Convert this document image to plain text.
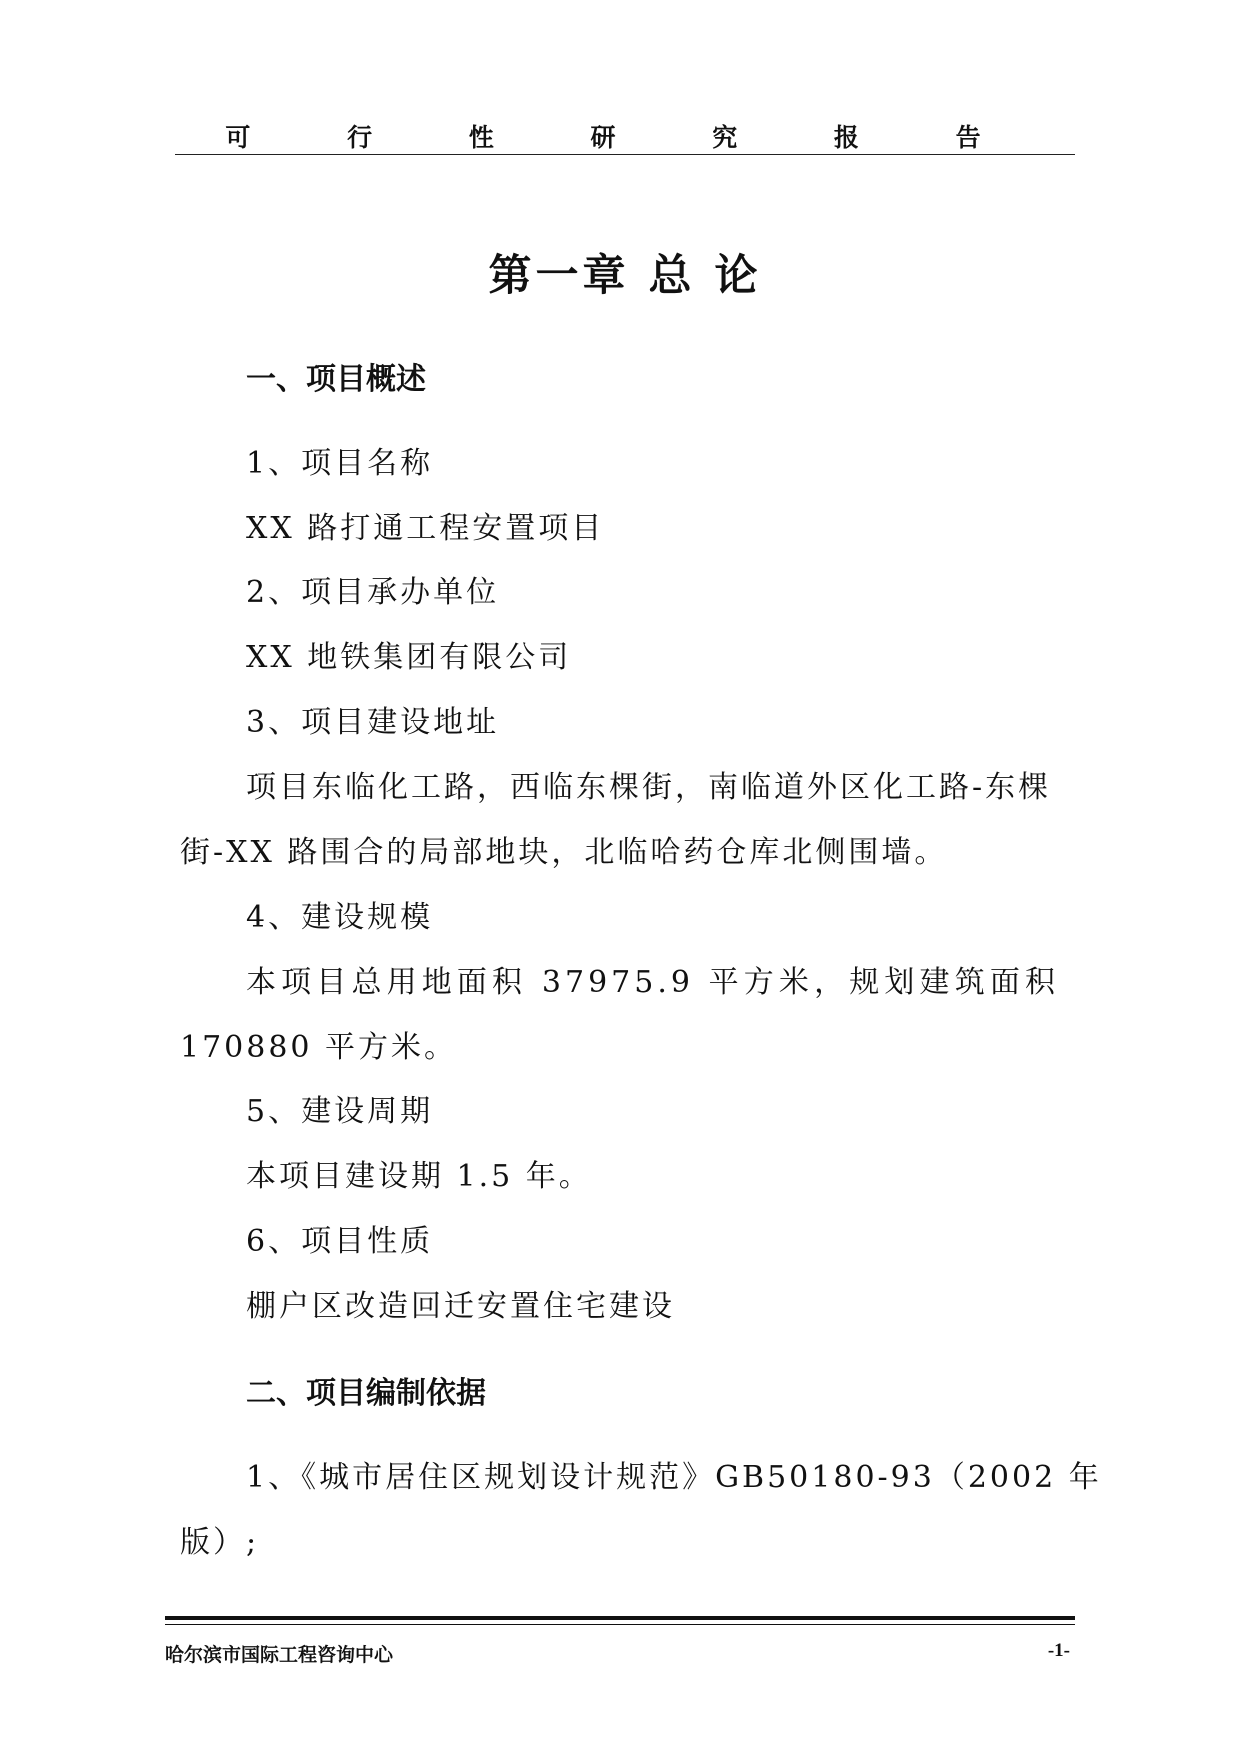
可 行 性 研 究 报 告
第一章 总 论
一、项目概述
1、项目名称
XX 路打通工程安置项目
2、项目承办单位
XX 地铁集团有限公司
3、项目建设地址
项目东临化工路，西临东棵街，南临道外区化工路-东棵
街-XX 路围合的局部地块，北临哈药仓库北侧围墙。
4、建设规模
本项目总用地面积 37975.9 平方米，规划建筑面积
170880 平方米。
5、建设周期
本项目建设期 1.5 年。
6、项目性质
棚户区改造回迁安置住宅建设
二、项目编制依据
1、《城市居住区规划设计规范》GB50180-93（2002 年
版）;
哈尔滨市国际工程咨询中心	-1-
